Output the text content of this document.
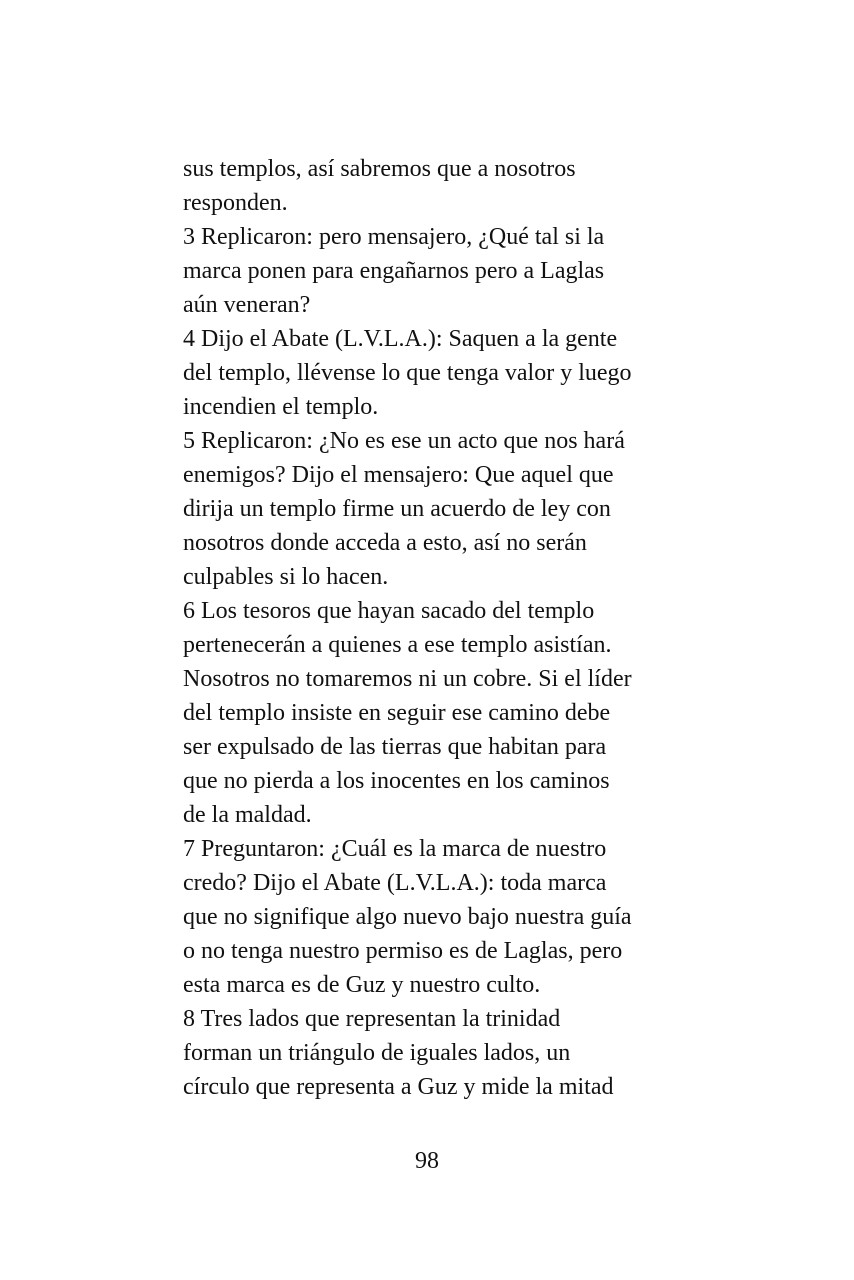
sus templos, así sabremos que a nosotros
responden.
3 Replicaron: pero mensajero, ¿Qué tal si la
marca ponen para engañarnos pero a Laglas
aún veneran?
4 Dijo el Abate (L.V.L.A.): Saquen a la gente
del templo, llévense lo que tenga valor y luego
incendien el templo.
5 Replicaron: ¿No es ese un acto que nos hará
enemigos? Dijo el mensajero: Que aquel que
dirija un templo firme un acuerdo de ley con
nosotros donde acceda a esto, así no serán
culpables si lo hacen.
6 Los tesoros que hayan sacado del templo
pertenecerán a quienes a ese templo asistían.
Nosotros no tomaremos ni un cobre. Si el líder
del templo insiste en seguir ese camino debe
ser expulsado de las tierras que habitan para
que no pierda a los inocentes en los caminos
de la maldad.
7 Preguntaron: ¿Cuál es la marca de nuestro
credo? Dijo el Abate (L.V.L.A.): toda marca
que no signifique algo nuevo bajo nuestra guía
o no tenga nuestro permiso es de Laglas, pero
esta marca es de Guz y nuestro culto.
8 Tres lados que representan la trinidad
forman un triángulo de iguales lados, un
círculo que representa a Guz y mide la mitad
98
